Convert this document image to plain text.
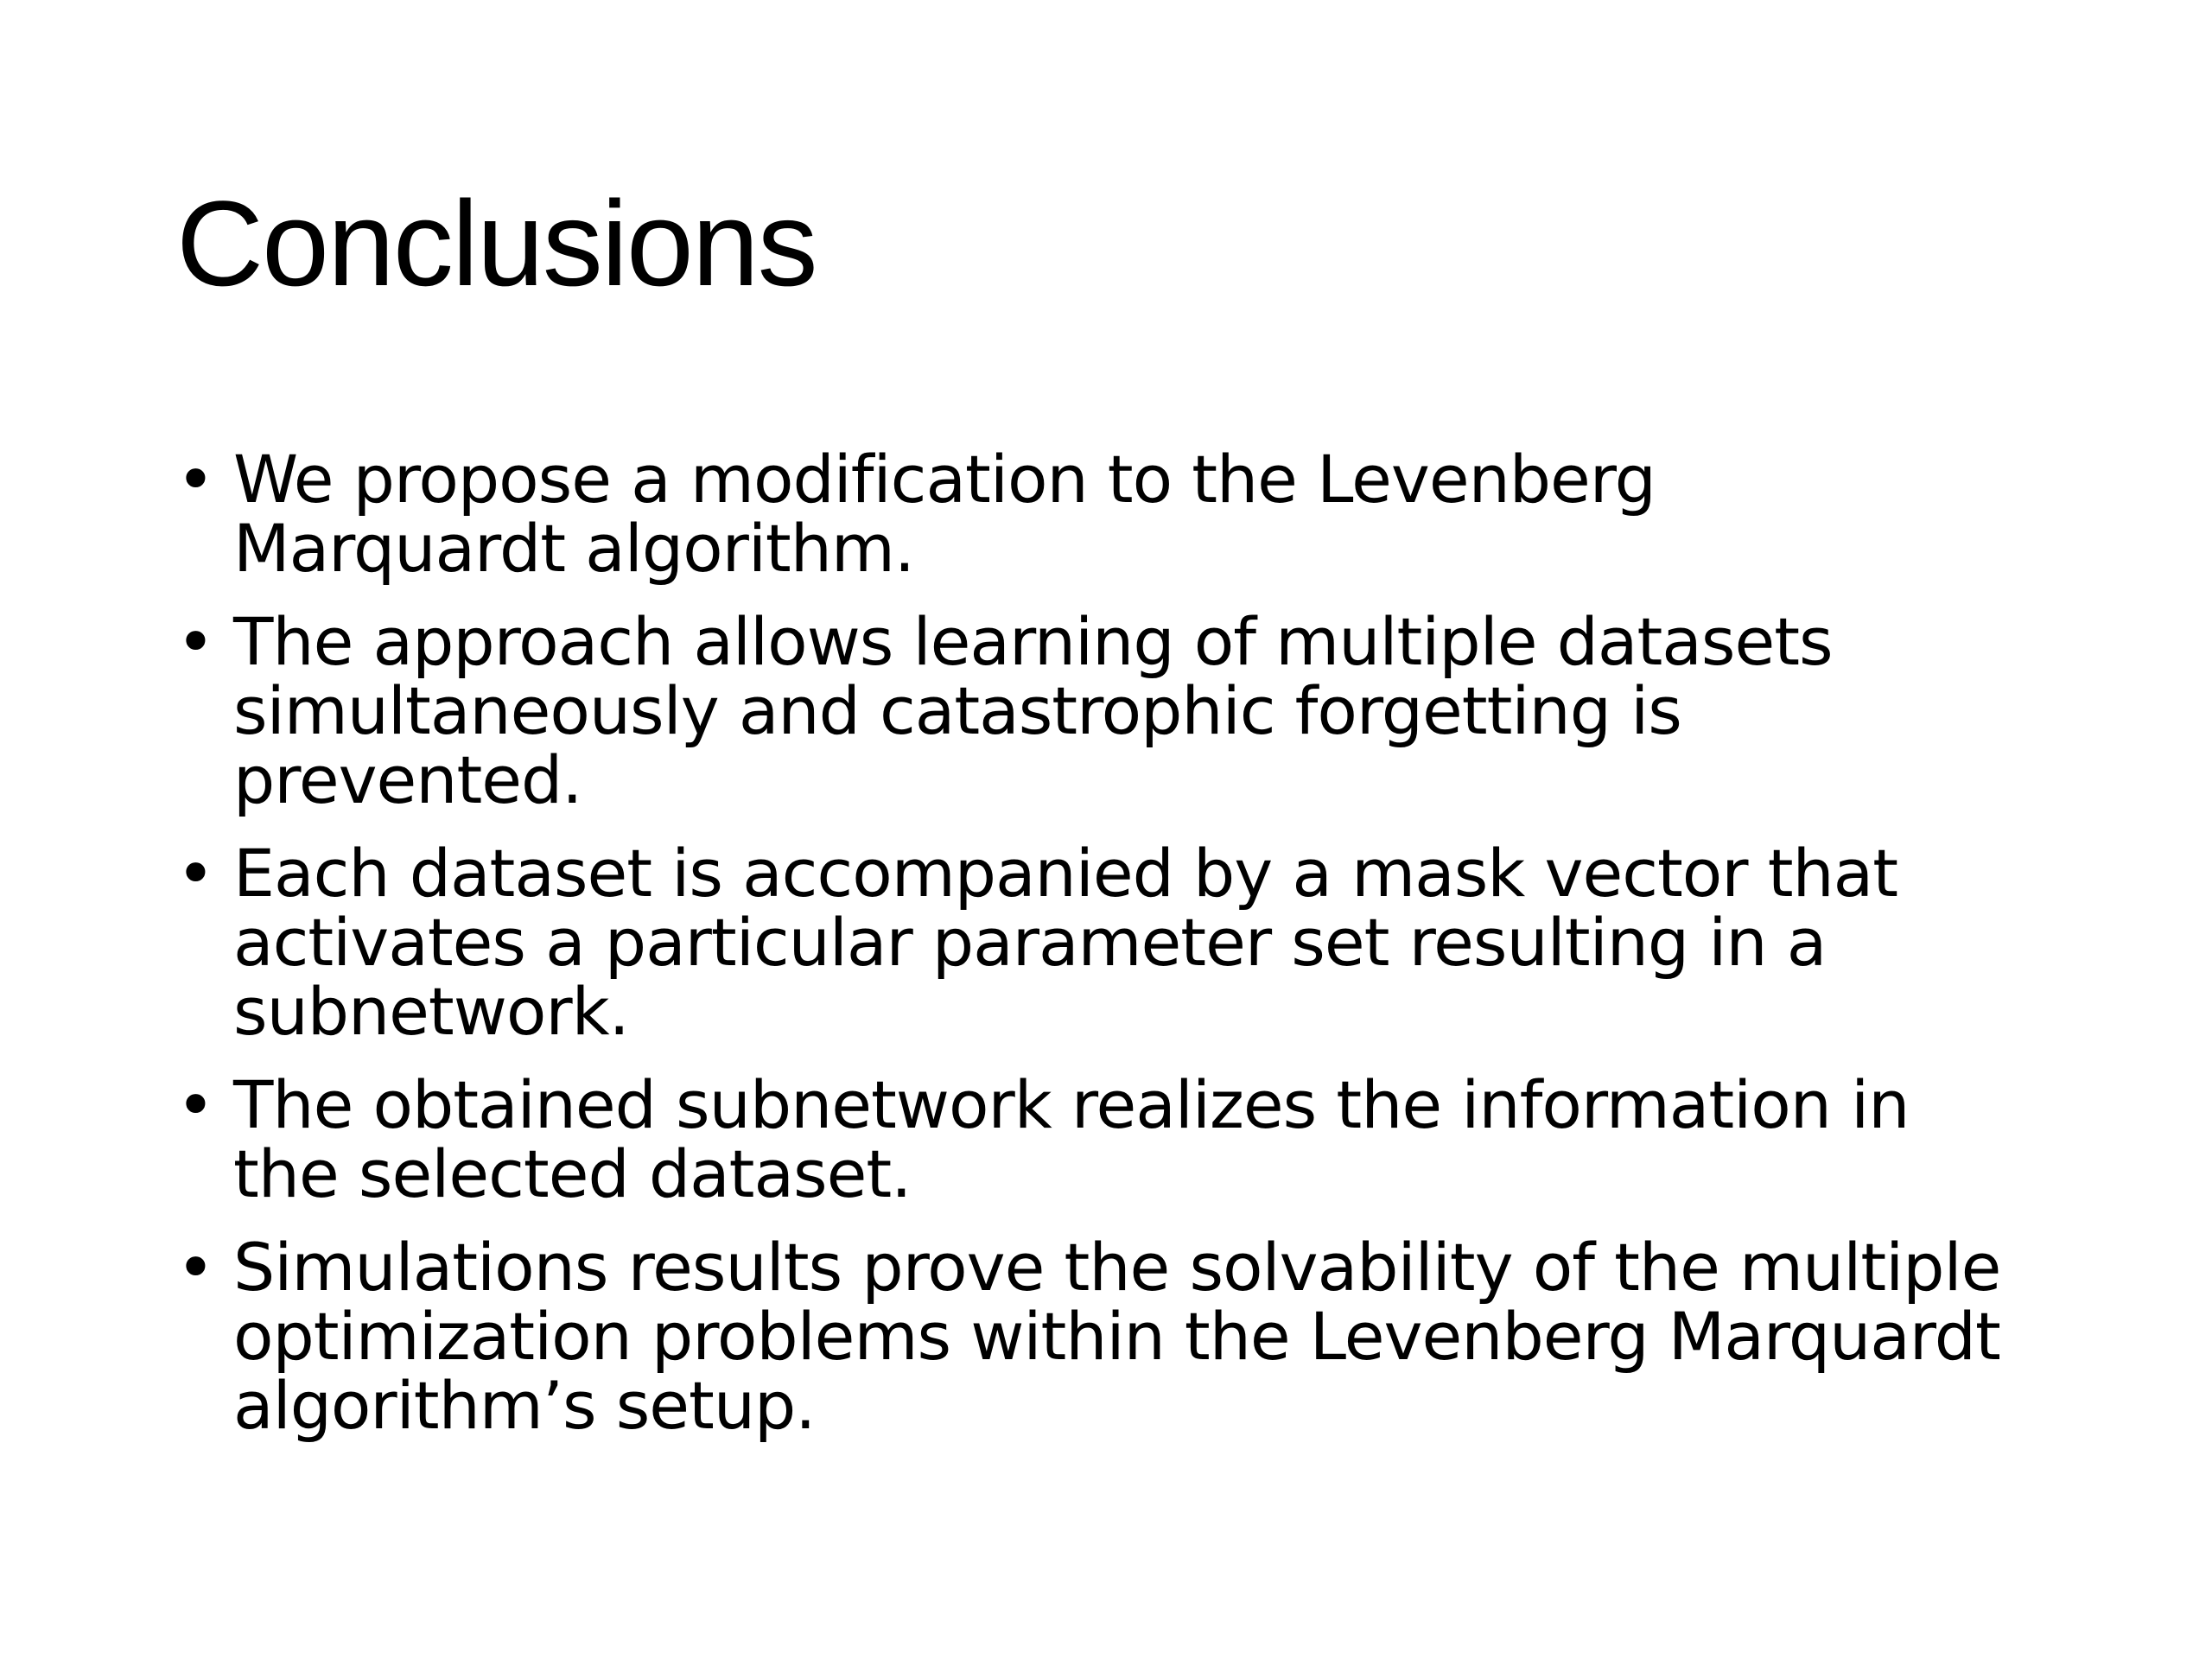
Conclusions
• We propose a modification to the Levenberg
Marquardt algorithm.
• The approach allows learning of multiple datasets
simultaneously and catastrophic forgetting is
prevented.
• Each dataset is accompanied by a mask vector that
activates a particular parameter set resulting in a
subnetwork.
• The obtained subnetwork realizes the information in
the selected dataset.
• Simulations results prove the solvability of the multiple
optimization problems within the Levenberg Marquardt
algorithm’s setup.
